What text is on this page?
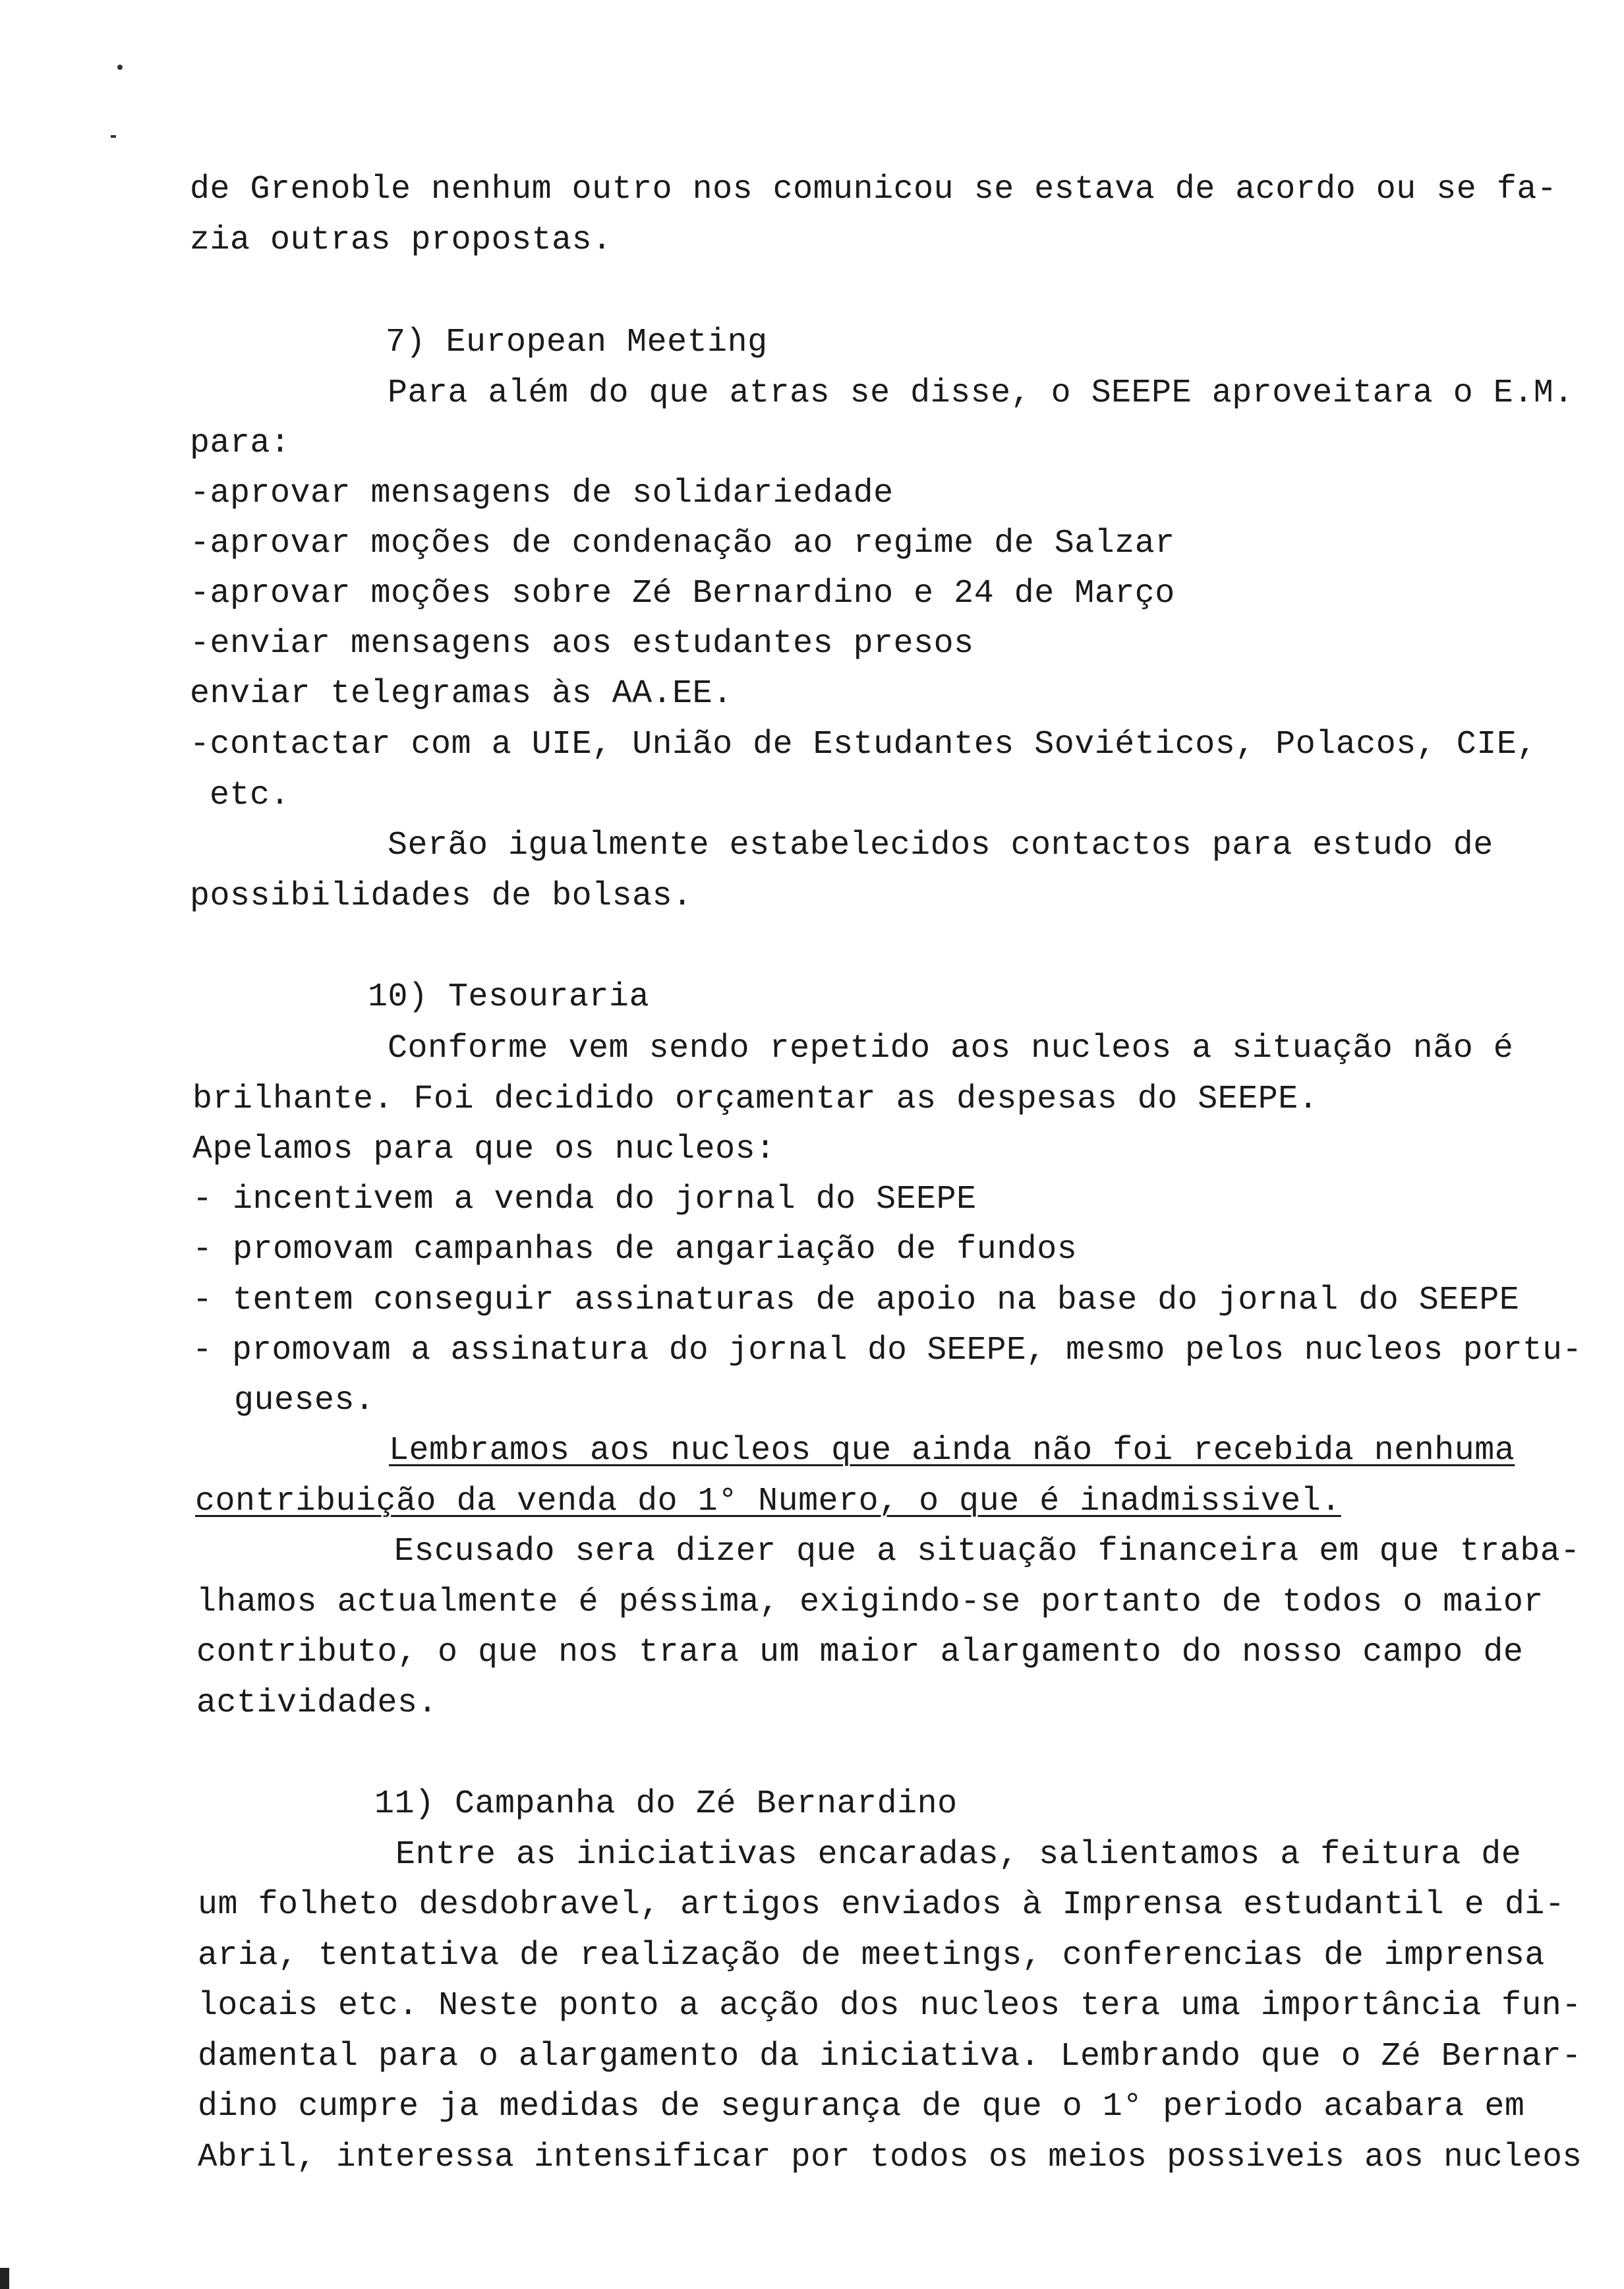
de Grenoble nenhum outro nos comunicou se estava de acordo ou se fa-
zia outras propostas.
7) European Meeting
Para além do que atras se disse, o SEEPE aproveitara o E.M.
para:
-aprovar mensagens de solidariedade
-aprovar moções de condenação ao regime de Salzar
-aprovar moções sobre Zé Bernardino e 24 de Março
-enviar mensagens aos estudantes presos
enviar telegramas às AA.EE.
-contactar com a UIE, União de Estudantes Soviéticos, Polacos, CIE,
etc.
Serão igualmente estabelecidos contactos para estudo de
possibilidades de bolsas.
10) Tesouraria
Conforme vem sendo repetido aos nucleos a situação não é
brilhante. Foi decidido orçamentar as despesas do SEEPE.
Apelamos para que os nucleos:
- incentivem a venda do jornal do SEEPE
- promovam campanhas de angariação de fundos
- tentem conseguir assinaturas de apoio na base do jornal do SEEPE
- promovam a assinatura do jornal do SEEPE, mesmo pelos nucleos portu-
gueses.
Lembramos aos nucleos que ainda não foi recebida nenhuma
contribuição da venda do 1° Numero, o que é inadmissivel.
Escusado sera dizer que a situação financeira em que traba-
lhamos actualmente é péssima, exigindo-se portanto de todos o maior
contributo, o que nos trara um maior alargamento do nosso campo de
actividades.
11) Campanha do Zé Bernardino
Entre as iniciativas encaradas, salientamos a feitura de
um folheto desdobravel, artigos enviados à Imprensa estudantil e di-
aria, tentativa de realização de meetings, conferencias de imprensa
locais etc. Neste ponto a acção dos nucleos tera uma importância fun-
damental para o alargamento da iniciativa. Lembrando que o Zé Bernar-
dino cumpre ja medidas de segurança de que o 1° periodo acabara em
Abril, interessa intensificar por todos os meios possiveis aos nucleos
